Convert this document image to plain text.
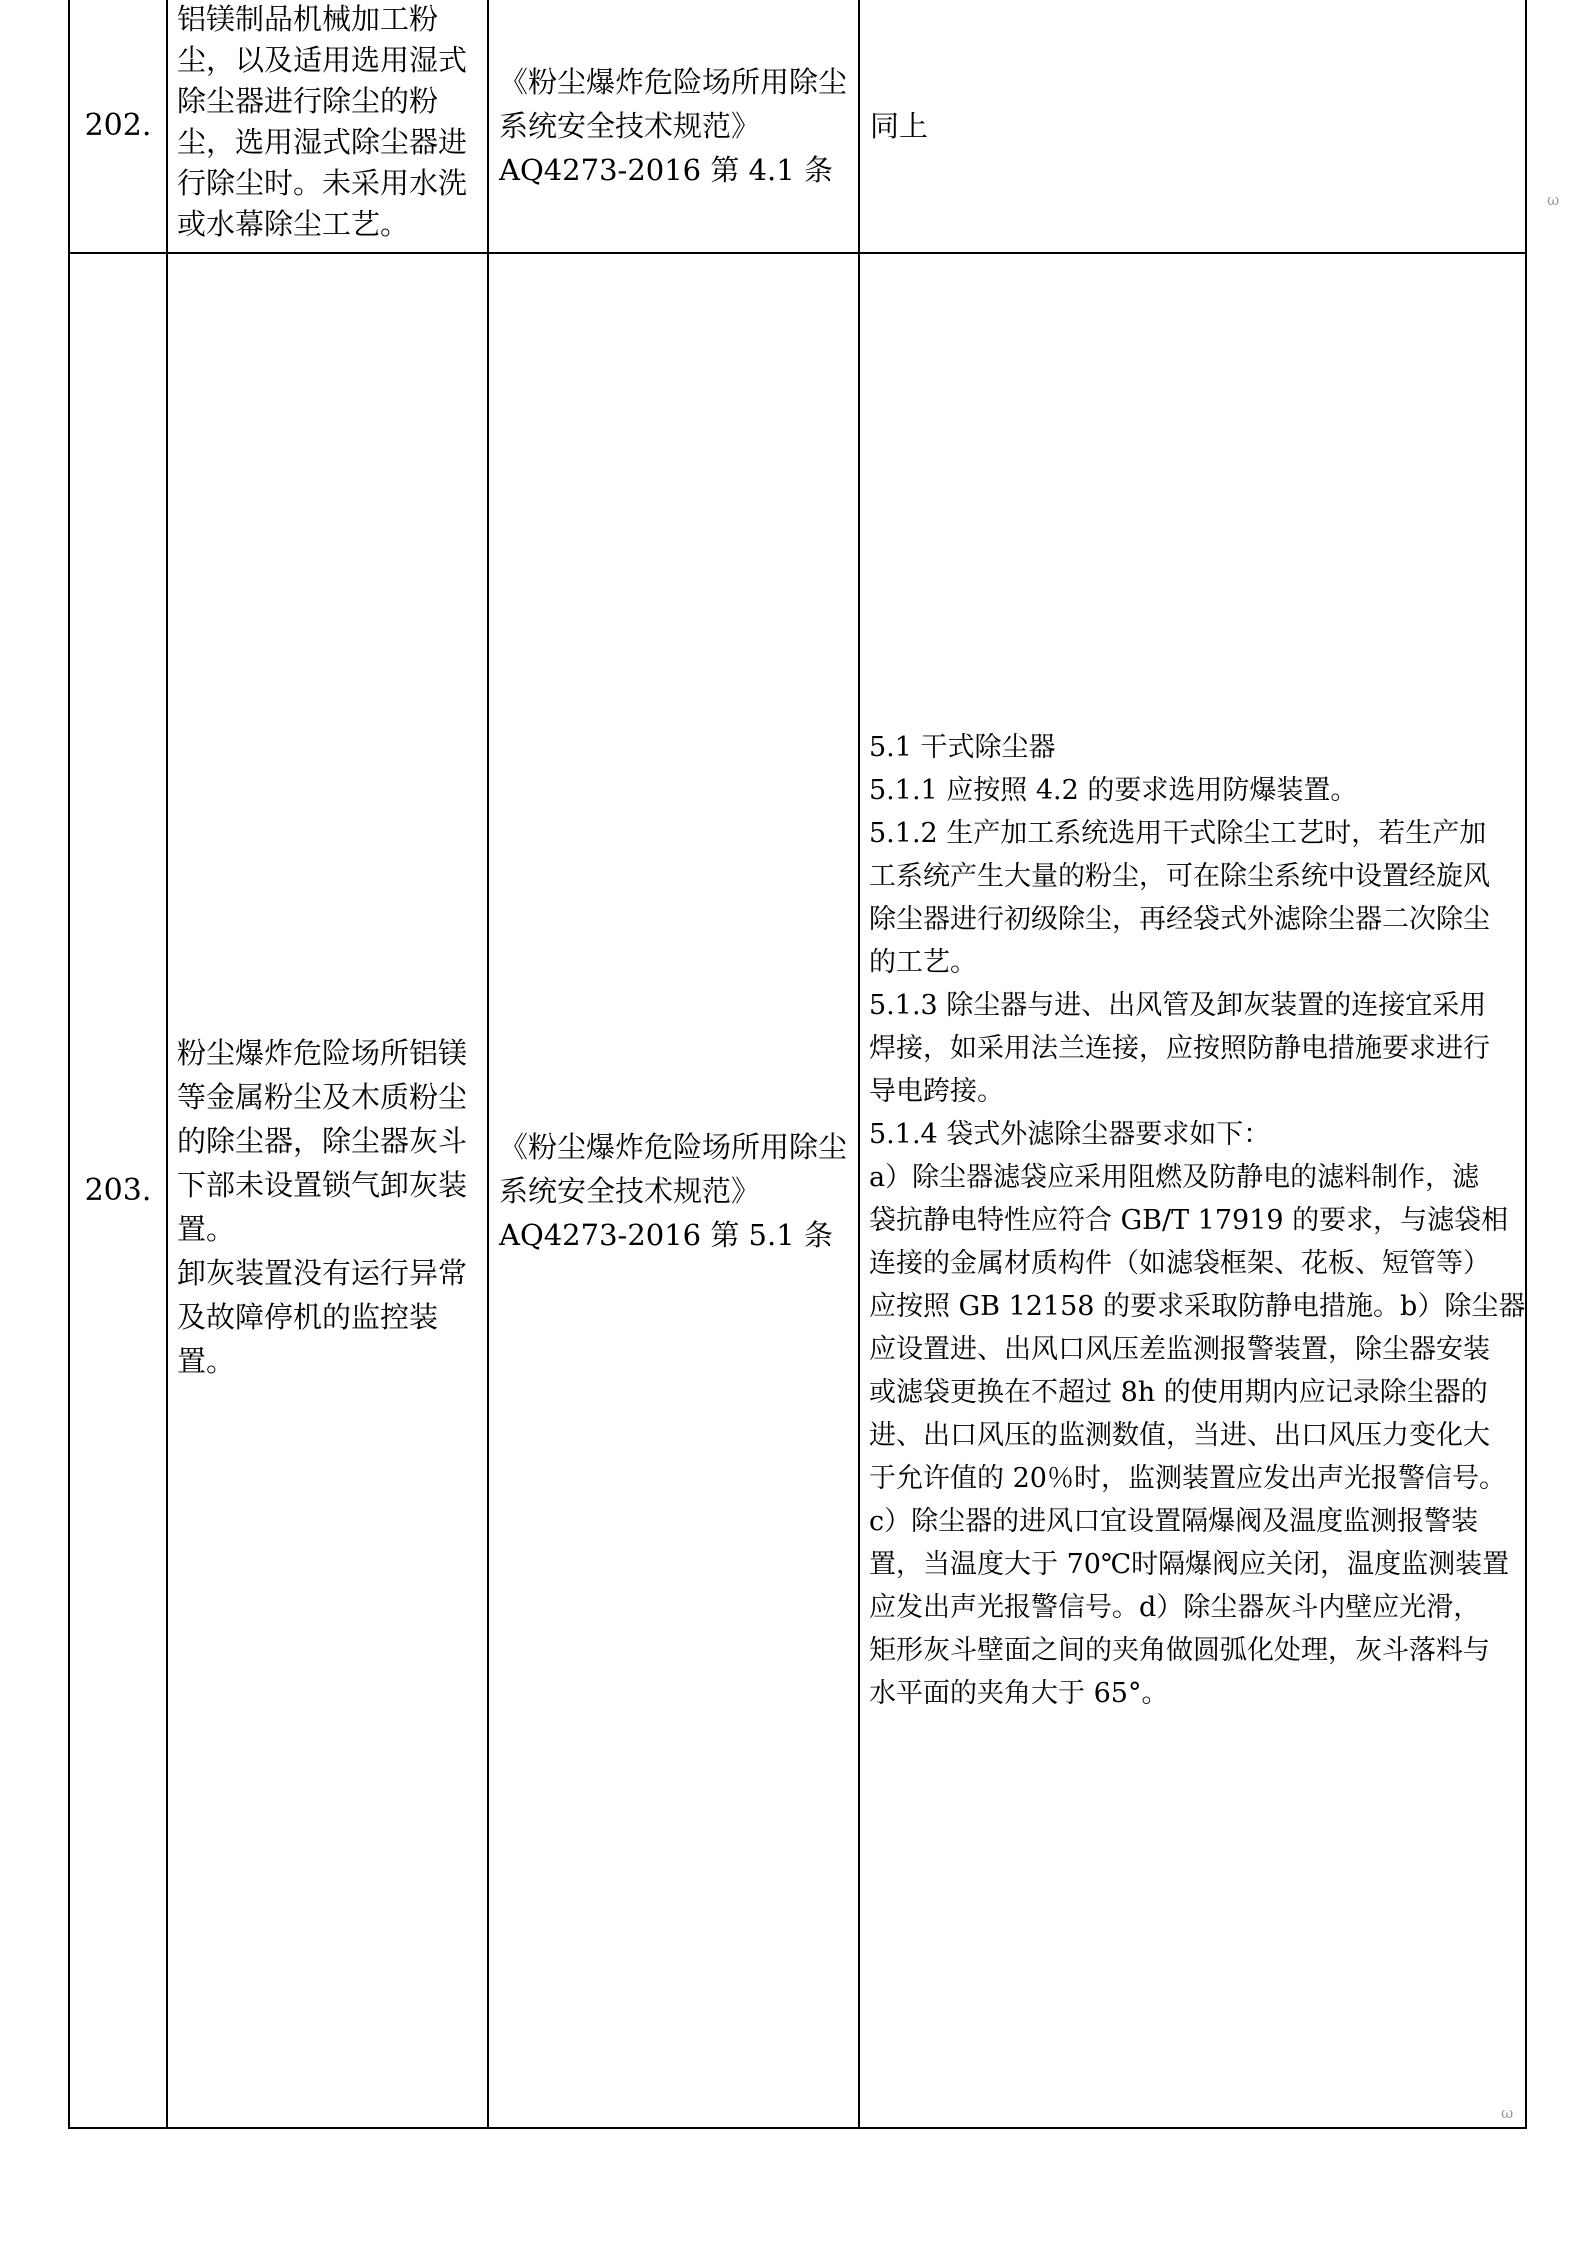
202.
铝镁制品机械加工粉
尘，以及适用选用湿式
除尘器进行除尘的粉
尘，选用湿式除尘器进
行除尘时。未采用水洗
或水幕除尘工艺。
《粉尘爆炸危险场所用除尘
系统安全技术规范》
AQ4273-2016 第 4.1 条
同上
203.
粉尘爆炸危险场所铝镁
等金属粉尘及木质粉尘
的除尘器，除尘器灰斗
下部未设置锁气卸灰装
置。
卸灰装置没有运行异常
及故障停机的监控装
置。
《粉尘爆炸危险场所用除尘
系统安全技术规范》
AQ4273-2016 第 5.1 条
5.1 干式除尘器
5.1.1 应按照 4.2 的要求选用防爆装置。
5.1.2 生产加工系统选用干式除尘工艺时，若生产加
工系统产生大量的粉尘，可在除尘系统中设置经旋风
除尘器进行初级除尘，再经袋式外滤除尘器二次除尘
的工艺。
5.1.3 除尘器与进、出风管及卸灰装置的连接宜采用
焊接，如采用法兰连接，应按照防静电措施要求进行
导电跨接。
5.1.4 袋式外滤除尘器要求如下：
a）除尘器滤袋应采用阻燃及防静电的滤料制作，滤
袋抗静电特性应符合 GB/T 17919 的要求，与滤袋相
连接的金属材质构件（如滤袋框架、花板、短管等）
应按照 GB 12158 的要求采取防静电措施。b）除尘器
应设置进、出风口风压差监测报警装置，除尘器安装
或滤袋更换在不超过 8h 的使用期内应记录除尘器的
进、出口风压的监测数值，当进、出口风压力变化大
于允许值的 20％时，监测装置应发出声光报警信号。
c）除尘器的进风口宜设置隔爆阀及温度监测报警装
置，当温度大于 70℃时隔爆阀应关闭，温度监测装置
应发出声光报警信号。d）除尘器灰斗内壁应光滑，
矩形灰斗壁面之间的夹角做圆弧化处理，灰斗落料与
水平面的夹角大于 65°。
ω
ω
